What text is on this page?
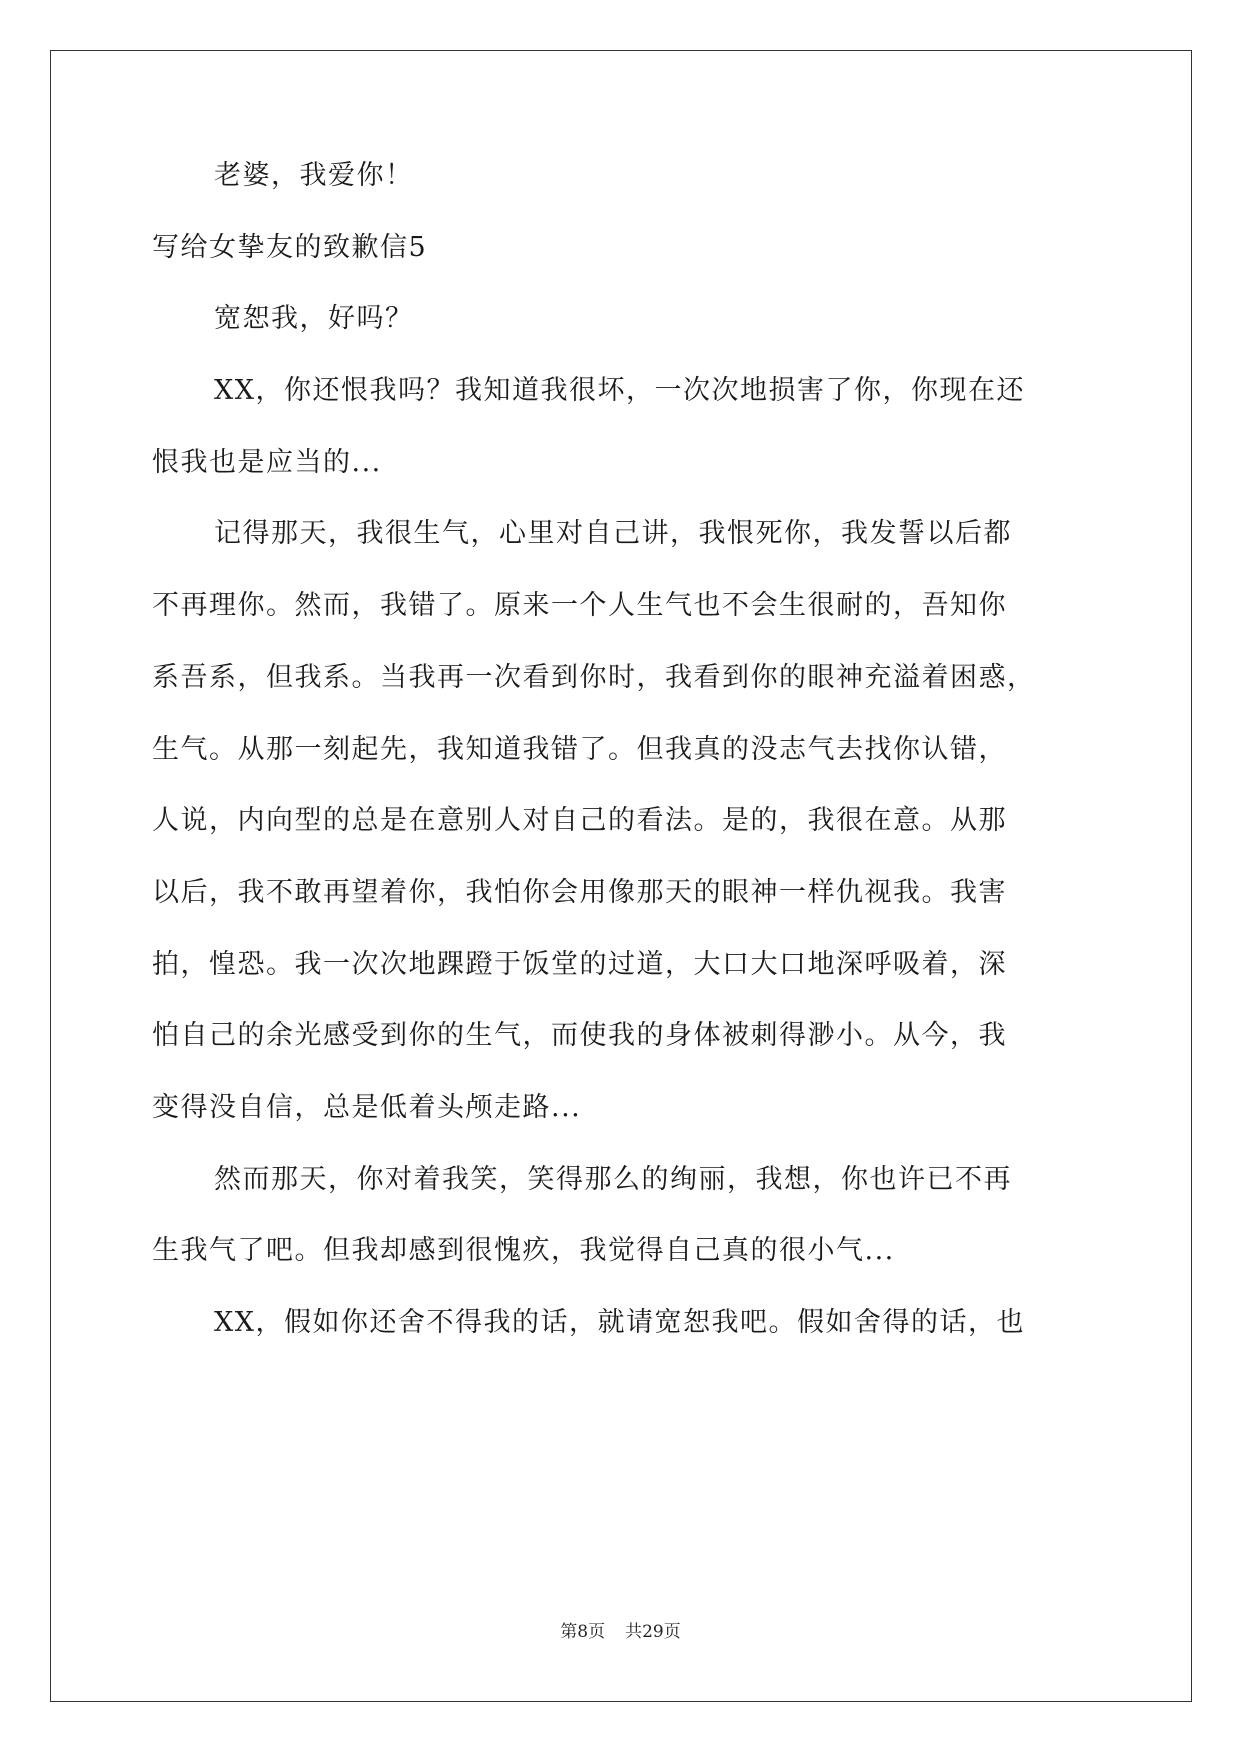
老婆，我爱你！
写给女挚友的致歉信5
宽恕我，好吗？
XX，你还恨我吗？我知道我很坏，一次次地损害了你，你现在还
恨我也是应当的...
记得那天，我很生气，心里对自己讲，我恨死你，我发誓以后都
不再理你。然而，我错了。原来一个人生气也不会生很耐的，吾知你
系吾系，但我系。当我再一次看到你时，我看到你的眼神充溢着困惑，
生气。从那一刻起先，我知道我错了。但我真的没志气去找你认错，
人说，内向型的总是在意别人对自己的看法。是的，我很在意。从那
以后，我不敢再望着你，我怕你会用像那天的眼神一样仇视我。我害
拍，惶恐。我一次次地踝蹬于饭堂的过道，大口大口地深呼吸着，深
怕自己的余光感受到你的生气，而使我的身体被刺得渺小。从今，我
变得没自信，总是低着头颅走路...
然而那天，你对着我笑，笑得那么的绚丽，我想，你也许已不再
生我气了吧。但我却感到很愧疚，我觉得自己真的很小气...
XX，假如你还舍不得我的话，就请宽恕我吧。假如舍得的话，也
第8页 共29页
